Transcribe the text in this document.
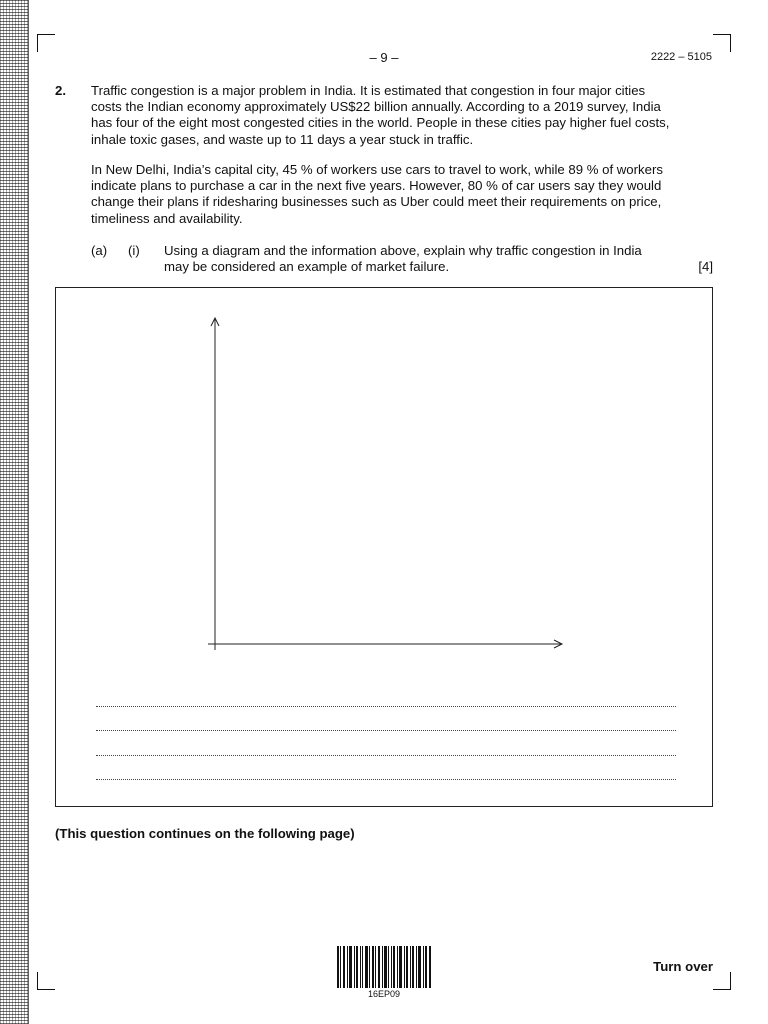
– 9 –	2222 – 5105
2. Traffic congestion is a major problem in India. It is estimated that congestion in four major cities costs the Indian economy approximately US$22 billion annually. According to a 2019 survey, India has four of the eight most congested cities in the world. People in these cities pay higher fuel costs, inhale toxic gases, and waste up to 11 days a year stuck in traffic.

In New Delhi, India’s capital city, 45 % of workers use cars to travel to work, while 89 % of workers indicate plans to purchase a car in the next five years. However, 80 % of car users say they would change their plans if ridesharing businesses such as Uber could meet their requirements on price, timeliness and availability.

(a) (i) Using a diagram and the information above, explain why traffic congestion in India may be considered an example of market failure.	[4]
(This question continues on the following page)
16EP09
Turn over
